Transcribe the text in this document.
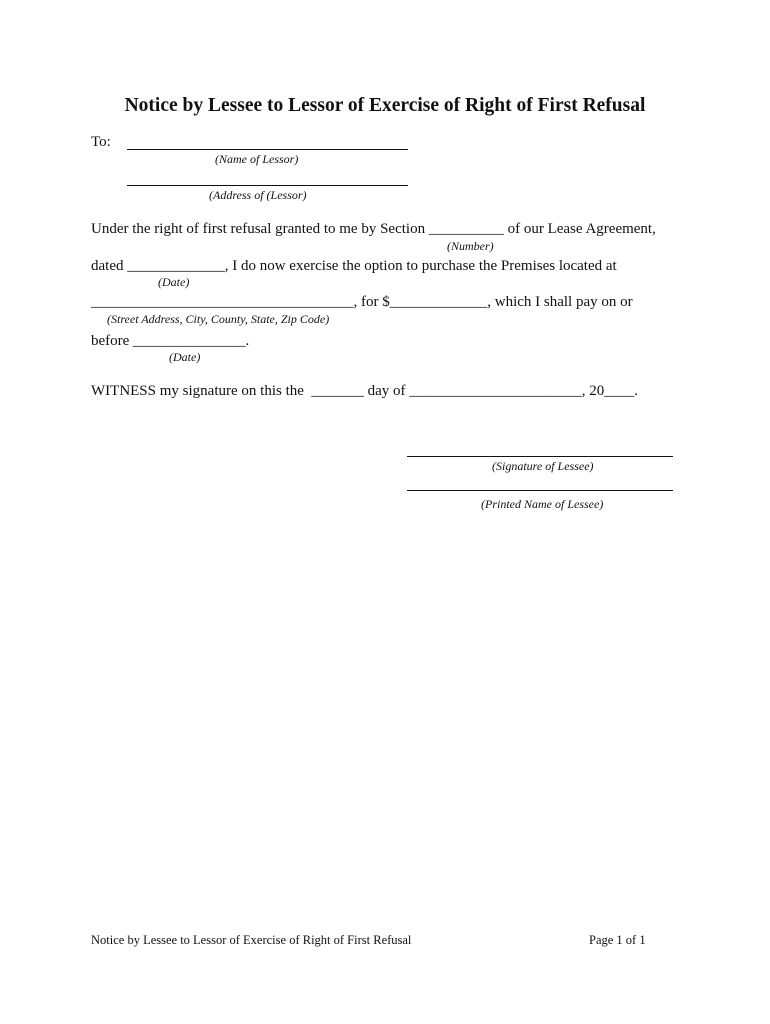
Notice by Lessee to Lessor of Exercise of Right of First Refusal
To:
(Name of Lessor)
(Address of (Lessor)
Under the right of first refusal granted to me by Section __________ of our Lease Agreement,
(Number)
dated _____________, I do now exercise the option to purchase the Premises located at
(Date)
___________________________________, for $_____________, which I shall pay on or
(Street Address, City, County, State, Zip Code)
before _______________.
(Date)
WITNESS my signature on this the  _______ day of _______________________, 20____.
(Signature of Lessee)
(Printed Name of Lessee)
Notice by Lessee to Lessor of Exercise of Right of First Refusal	Page 1 of 1
